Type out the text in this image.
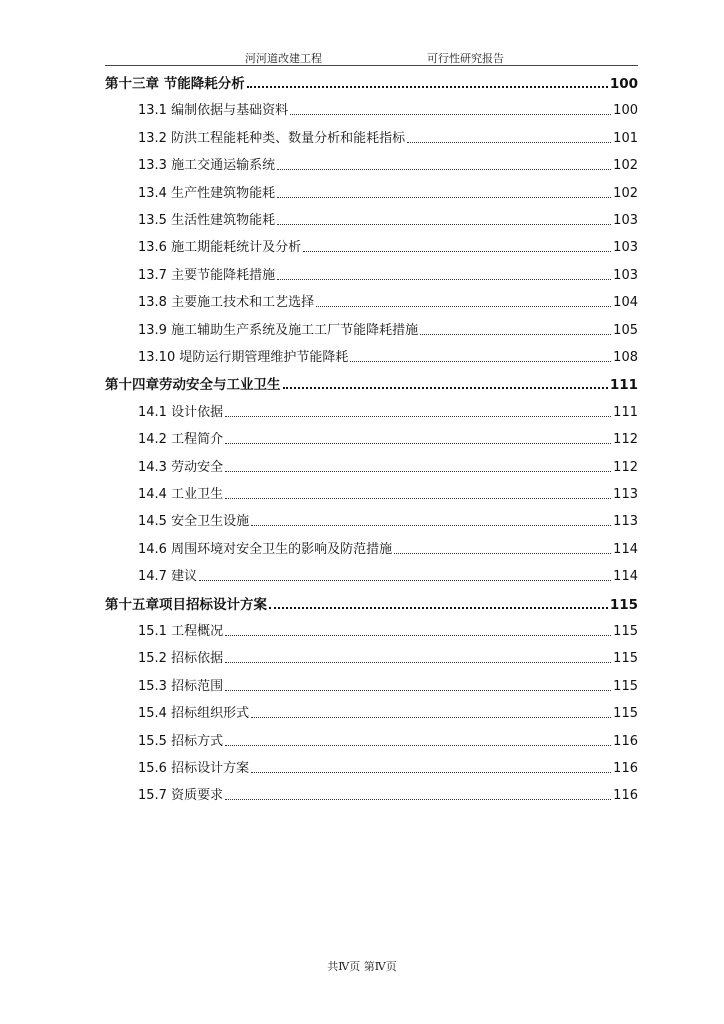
河河道改建工程	可行性研究报告
第十三章 节能降耗分析	100
13.1 编制依据与基础资料	100
13.2 防洪工程能耗种类、数量分析和能耗指标	101
13.3 施工交通运输系统	102
13.4 生产性建筑物能耗	102
13.5 生活性建筑物能耗	103
13.6 施工期能耗统计及分析	103
13.7 主要节能降耗措施	103
13.8 主要施工技术和工艺选择	104
13.9 施工辅助生产系统及施工工厂节能降耗措施	105
13.10 堤防运行期管理维护节能降耗	108
第十四章劳动安全与工业卫生	111
14.1 设计依据	111
14.2 工程简介	112
14.3 劳动安全	112
14.4 工业卫生	113
14.5 安全卫生设施	113
14.6 周围环境对安全卫生的影响及防范措施	114
14.7 建议	114
第十五章项目招标设计方案	115
15.1 工程概况	115
15.2 招标依据	115
15.3 招标范围	115
15.4 招标组织形式	115
15.5 招标方式	116
15.6 招标设计方案	116
15.7 资质要求	116
共Ⅳ页 第Ⅳ页
